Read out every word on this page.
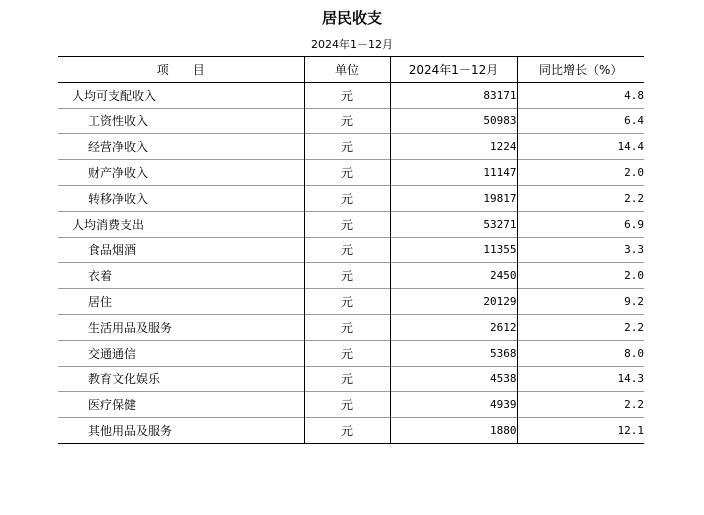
居民收支
2024年1－12月
项　　目	单位	2024年1－12月	同比增长（%）
人均可支配收入	元	83171	4.8
工资性收入	元	50983	6.4
经营净收入	元	1224	14.4
财产净收入	元	11147	2.0
转移净收入	元	19817	2.2
人均消费支出	元	53271	6.9
食品烟酒	元	11355	3.3
衣着	元	2450	2.0
居住	元	20129	9.2
生活用品及服务	元	2612	2.2
交通通信	元	5368	8.0
教育文化娱乐	元	4538	14.3
医疗保健	元	4939	2.2
其他用品及服务	元	1880	12.1
